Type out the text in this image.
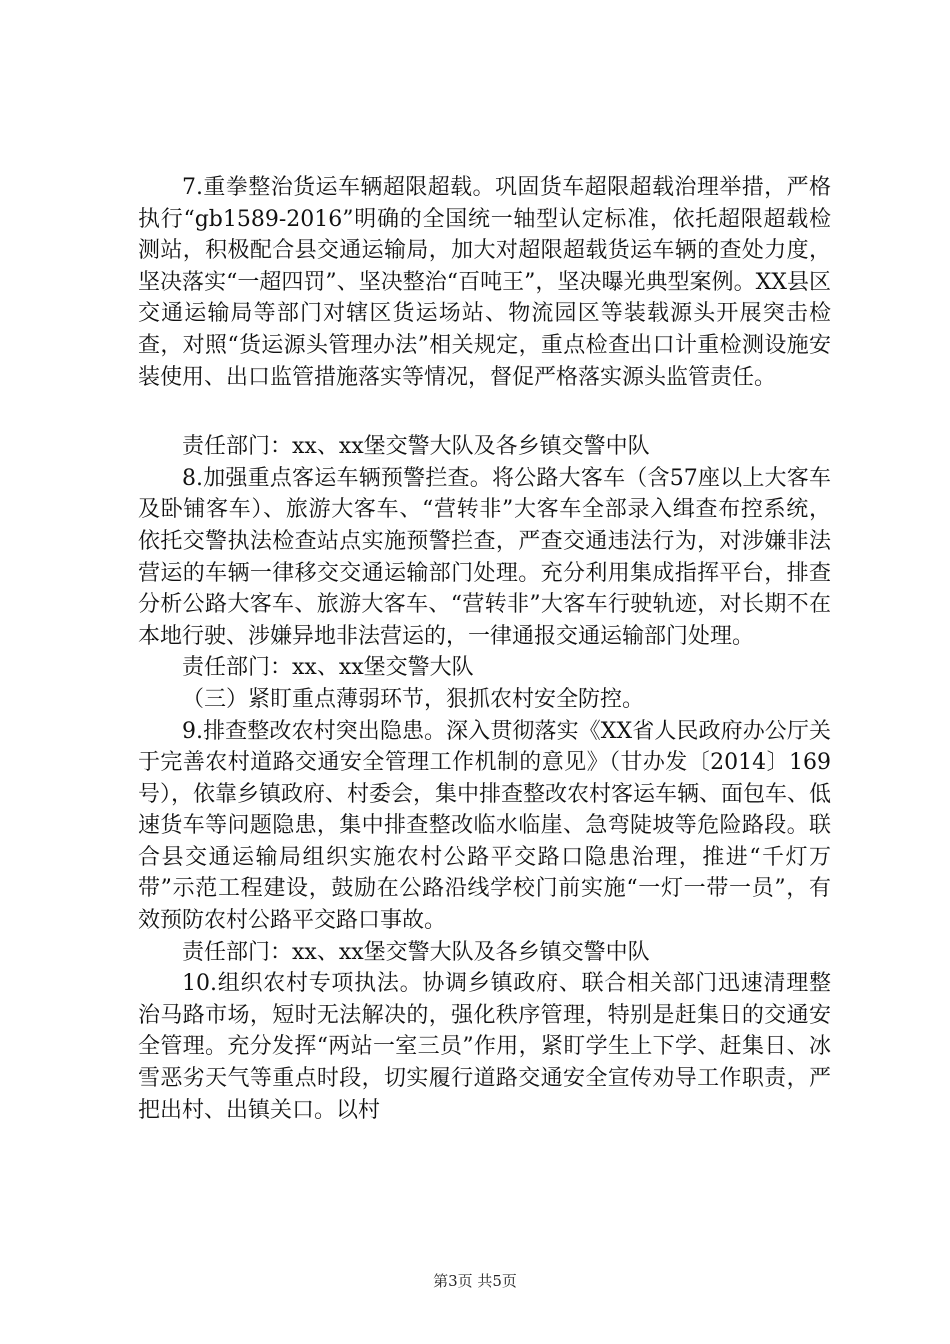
7.重拳整治货运车辆超限超载。巩固货车超限超载治理举措，严格执行“gb1589-2016”明确的全国统一轴型认定标准，依托超限超载检测站，积极配合县交通运输局，加大对超限超载货运车辆的查处力度，坚决落实“一超四罚”、坚决整治“百吨王”，坚决曝光典型案例。XX县区交通运输局等部门对辖区货运场站、物流园区等装载源头开展突击检查，对照“货运源头管理办法”相关规定，重点检查出口计重检测设施安装使用、出口监管措施落实等情况，督促严格落实源头监管责任。

责任部门：xx、xx堡交警大队及各乡镇交警中队

8.加强重点客运车辆预警拦查。将公路大客车（含57座以上大客车及卧铺客车）、旅游大客车、“营转非”大客车全部录入缉查布控系统，依托交警执法检查站点实施预警拦查，严查交通违法行为，对涉嫌非法营运的车辆一律移交交通运输部门处理。充分利用集成指挥平台，排查分析公路大客车、旅游大客车、“营转非”大客车行驶轨迹，对长期不在本地行驶、涉嫌异地非法营运的，一律通报交通运输部门处理。

责任部门：xx、xx堡交警大队

（三）紧盯重点薄弱环节，狠抓农村安全防控。

9.排查整改农村突出隐患。深入贯彻落实《XX省人民政府办公厅关于完善农村道路交通安全管理工作机制的意见》（甘办发〔2014〕169号），依靠乡镇政府、村委会，集中排查整改农村客运车辆、面包车、低速货车等问题隐患，集中排查整改临水临崖、急弯陡坡等危险路段。联合县交通运输局组织实施农村公路平交路口隐患治理，推进“千灯万带”示范工程建设，鼓励在公路沿线学校门前实施“一灯一带一员”，有效预防农村公路平交路口事故。

责任部门：xx、xx堡交警大队及各乡镇交警中队

10.组织农村专项执法。协调乡镇政府、联合相关部门迅速清理整治马路市场，短时无法解决的，强化秩序管理，特别是赶集日的交通安全管理。充分发挥“两站一室三员”作用，紧盯学生上下学、赶集日、冰雪恶劣天气等重点时段，切实履行道路交通安全宣传劝导工作职责，严把出村、出镇关口。以村

第3页 共5页
